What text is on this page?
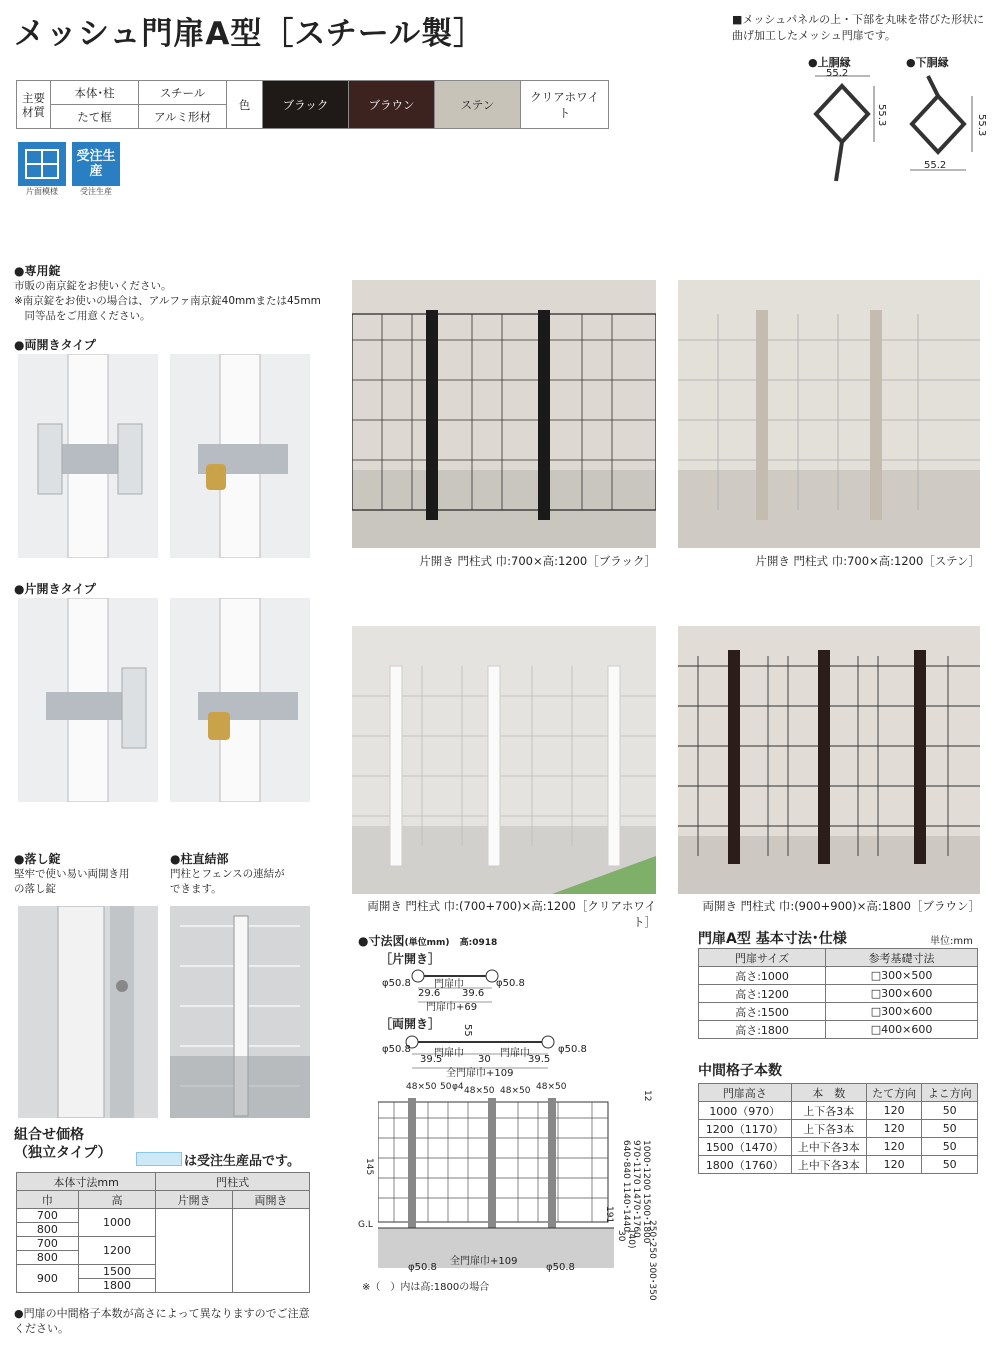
メッシュ門扉A型［スチール製］	■メッシュパネルの上・下部を丸味を帯びた形状に曲げ加工したメッシュ門扉です。
●上胴縁	●下胴縁
55.2
55.3
55.2
55.3
主要材質	本体･柱	スチール	色	ブラック	ブラウン	ステン	クリアホワイト
	たて框	アルミ形材					
片面模様
受注生産
受注生産
●専用錠
市販の南京錠をお使いください。
※南京錠をお使いの場合は、アルファ南京錠40mmまたは45mm
　同等品をご用意ください。
●両開きタイプ
●片開きタイプ
●落し錠
堅牢で使い易い両開き用
の落し錠
●柱直結部
門柱とフェンスの連結が
できます。
片開き 門柱式 巾:700×高:1200［ブラック］	片開き 門柱式 巾:700×高:1200［ステン］
両開き 門柱式 巾:(700+700)×高:1200［クリアホワイト］
両開き 門柱式 巾:(900+900)×高:1800［ブラウン］
●寸法図(単位mm) 高:0918
［片開き］
φ50.8	φ50.8
門扉巾
29.6 39.6
門扉巾+69
［両開き］ 55
φ50.8	φ50.8
門扉巾	門扉巾
39.5	30	39.5
全門扉巾+109
48×50 50 φ4 48×50 48×50 48×50
145
12
191
G.L
30 (40)
640･840 1140･1440
970･1170 1470･1760
1000･1200 1500･1800
250･250 300･350
φ50.8
全門扉巾+109
φ50.8
※（　）内は高:1800の場合
門扉A型 基本寸法･仕様	単位:mm
門扉サイズ	参考基礎寸法
高さ:1000	□300×500
高さ:1200	□300×600
高さ:1500	□300×600
高さ:1800	□400×600
中間格子本数
門扉高さ	本　数	たて方向	よこ方向
1000（970）	上下各3本	120	50
1200（1170）	上下各3本	120	50
1500（1470）	上中下各3本	120	50
1800（1760）	上中下各3本	120	50
組合せ価格
（独立タイプ）
は受注生産品です。
本体寸法mm		門柱式	
巾	高	片開き	両開き
700	1000		
800			
700	1200		
800			
900	1500		
	1800		
●門扉の中間格子本数が高さによって異なりますのでご注意ください。
